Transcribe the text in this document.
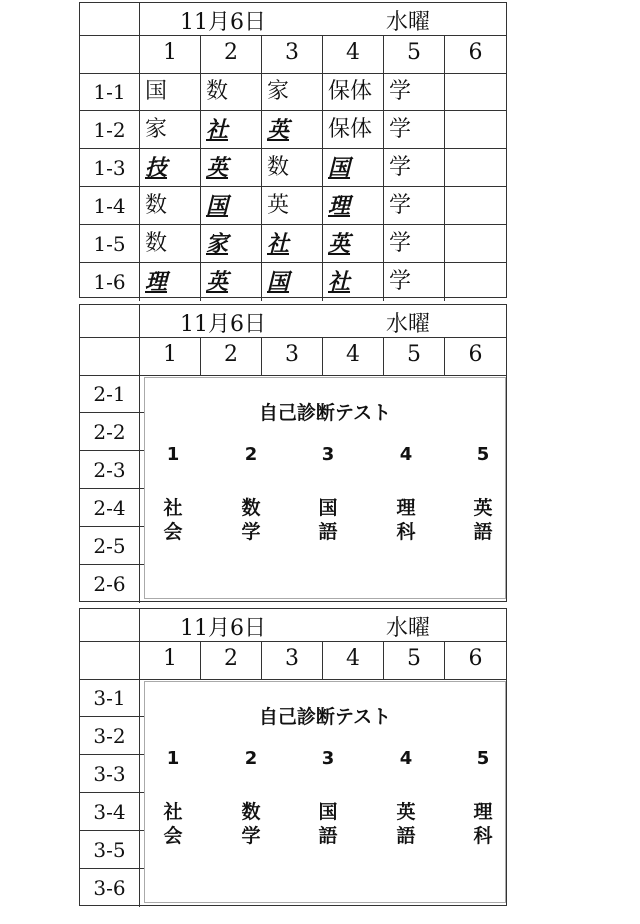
11月6日	水曜
1	2	3	4	5	6
1-1 国	数	家	保体 学
1-2 家	社	英	保体 学
1-3 技	英	数	国	学
1-4 数	国	英	理	学
1-5 数	家	社	英	学
1-6 理	英	国	社	学
11月6日	水曜
1	2	3	4	5	6
2-1
2-2
2-3
2-4
2-5
2-6
自己診断テスト
1
社
会
2
数
学
3
国
語
4
理
科
5
英
語
11月6日	水曜
1	2	3	4	5	6
3-1
3-2
3-3
3-4
3-5
3-6
自己診断テスト
1
社
会
2
数
学
3
国
語
4
英
語
5
理
科
